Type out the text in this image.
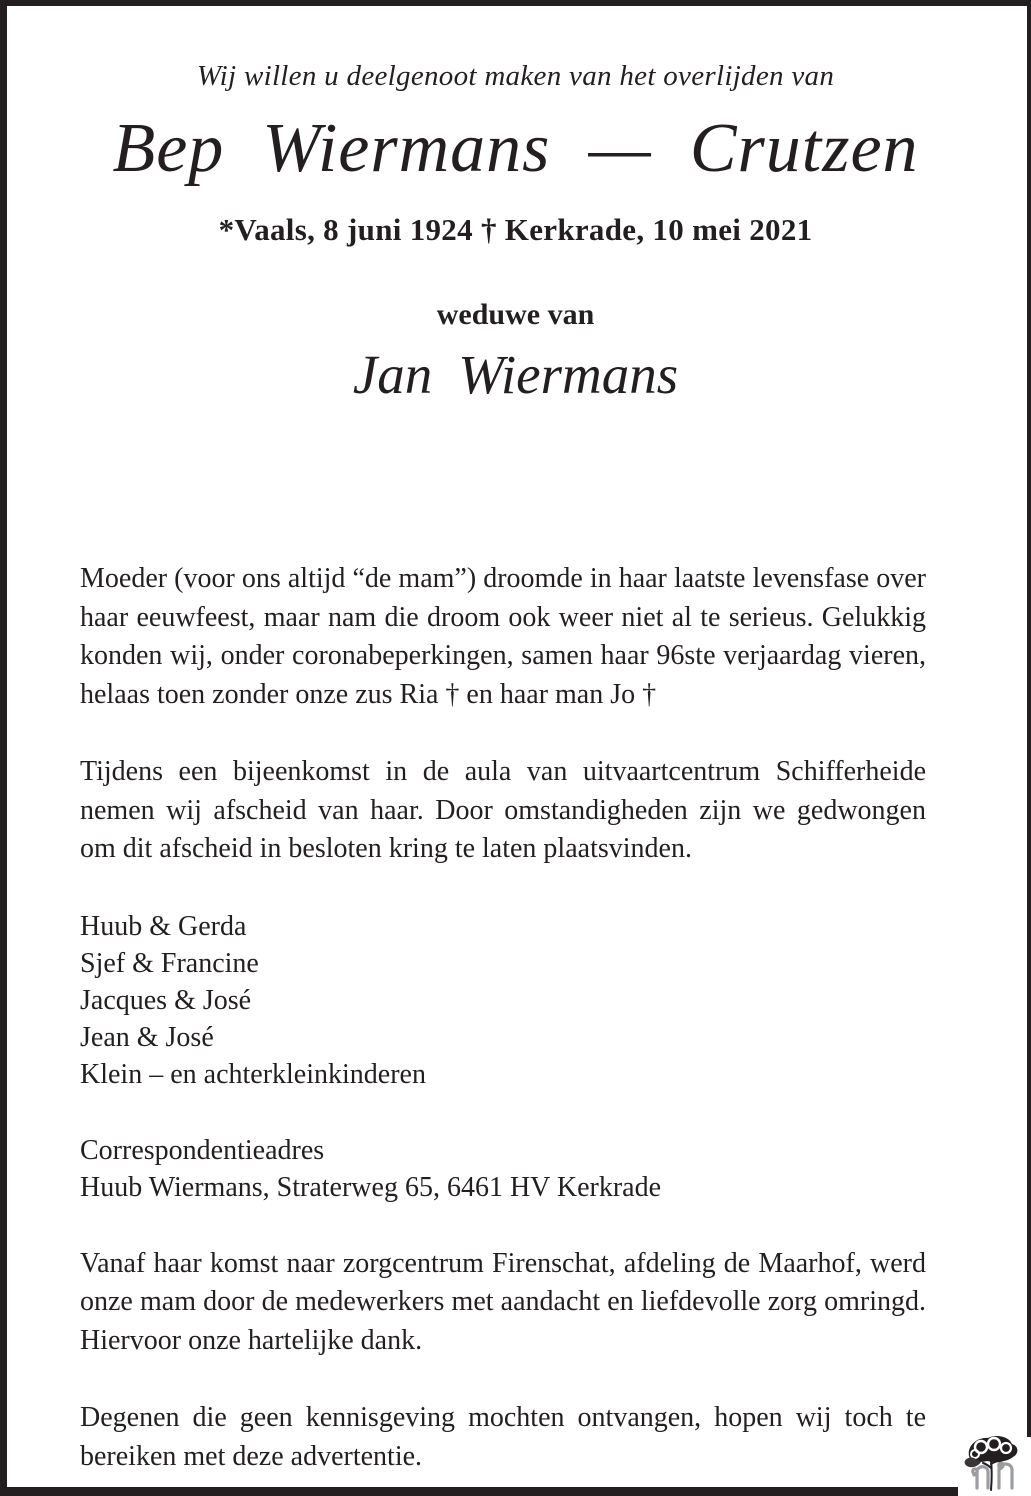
Wij willen u deelgenoot maken van het overlijden van
Bep Wiermans — Crutzen
*Vaals, 8 juni 1924 † Kerkrade, 10 mei 2021
weduwe van
Jan Wiermans

Moeder (voor ons altijd “de mam”) droomde in haar laatste levensfase over haar eeuwfeest, maar nam die droom ook weer niet al te serieus. Gelukkig konden wij, onder coronabeperkingen, samen haar 96ste verjaardag vieren, helaas toen zonder onze zus Ria † en haar man Jo †

Tijdens een bijeenkomst in de aula van uitvaartcentrum Schifferheide nemen wij afscheid van haar. Door omstandigheden zijn we gedwongen om dit afscheid in besloten kring te laten plaatsvinden.

Huub & Gerda
Sjef & Francine
Jacques & José
Jean & José
Klein – en achterkleinkinderen
Correspondentieadres
Huub Wiermans, Straterweg 65, 6461 HV Kerkrade

Vanaf haar komst naar zorgcentrum Firenschat, afdeling de Maarhof, werd onze mam door de medewerkers met aandacht en liefdevolle zorg omringd. Hiervoor onze hartelijke dank.

Degenen die geen kennisgeving mochten ontvangen, hopen wij toch te bereiken met deze advertentie.
